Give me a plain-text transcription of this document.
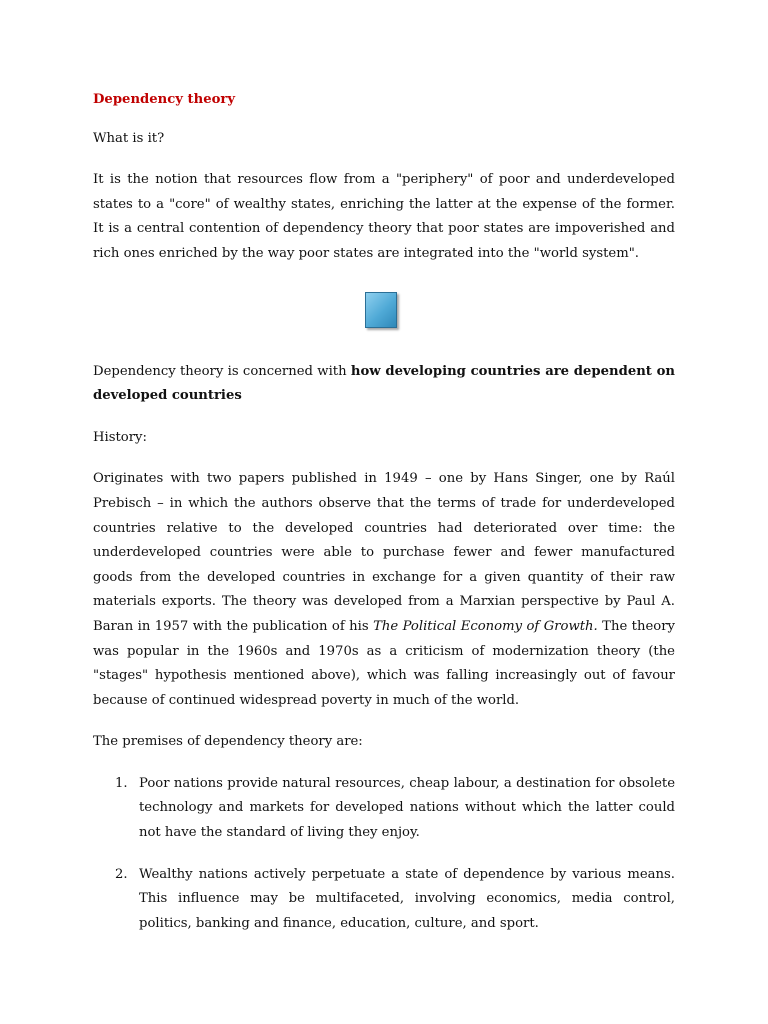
Dependency theory

What is it?

It is the notion that resources flow from a "periphery" of poor and underdeveloped states to a "core" of wealthy states, enriching the latter at the expense of the former. It is a central contention of dependency theory that poor states are impoverished and rich ones enriched by the way poor states are integrated into the "world system".

Dependency theory is concerned with how developing countries are dependent on developed countries

History:

Originates with two papers published in 1949 – one by Hans Singer, one by Raúl Prebisch – in which the authors observe that the terms of trade for underdeveloped countries relative to the developed countries had deteriorated over time: the underdeveloped countries were able to purchase fewer and fewer manufactured goods from the developed countries in exchange for a given quantity of their raw materials exports. The theory was developed from a Marxian perspective by Paul A. Baran in 1957 with the publication of his The Political Economy of Growth. The theory was popular in the 1960s and 1970s as a criticism of modernization theory (the "stages" hypothesis mentioned above), which was falling increasingly out of favour because of continued widespread poverty in much of the world.

The premises of dependency theory are:

1. Poor nations provide natural resources, cheap labour, a destination for obsolete technology and markets for developed nations without which the latter could not have the standard of living they enjoy.
2. Wealthy nations actively perpetuate a state of dependence by various means. This influence may be multifaceted, involving economics, media control, politics, banking and finance, education, culture, and sport.
